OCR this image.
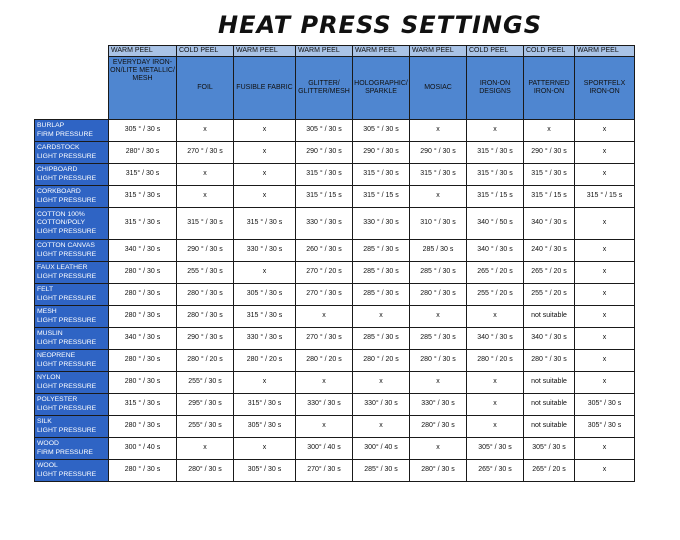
HEAT PRESS SETTINGS
	WARM PEEL	COLD PEEL	WARM PEEL	WARM PEEL	WARM PEEL	WARM PEEL	COLD PEEL	COLD PEEL	WARM PEEL
	EVERYDAY IRON-ON/LITE METALLIC/ MESH	FOIL	FUSIBLE FABRIC	GLITTER/ GLITTER/MESH	HOLOGRAPHIC/ SPARKLE	MOSIAC	IRON-ON DESIGNS	PATTERNED IRON-ON	SPORTFELX IRON-ON

BURLAP
FIRM PRESSURE	305 ° / 30 s	x	x	305 ° / 30 s	305 ° / 30 s	x	x	x	x

CARDSTOCK
LIGHT PRESSURE	280° / 30 s	270 ° / 30 s	x	290 ° / 30 s	290 ° / 30 s	290 ° / 30 s	315 ° / 30 s	290 ° / 30 s	x

CHIPBOARD
LIGHT PRESSURE	315° / 30 s	x	x	315 ° / 30 s	315 ° / 30 s	315 ° / 30 s	315 ° / 30 s	315 ° / 30 s	x

CORKBOARD
LIGHT PRESSURE	315 ° / 30 s	x	x	315 ° / 15 s	315 ° / 15 s	x	315 ° / 15 s	315 ° / 15 s	315 ° / 15 s

COTTON 100% COTTON/POLY
LIGHT PRESSURE	315 ° / 30 s	315 ° / 30 s	315 ° / 30 s	330 ° / 30 s	330 ° / 30 s	310 ° / 30 s	340 ° / 50 s	340 ° / 30 s	x

COTTON CANVAS
LIGHT PRESSURE	340 ° / 30 s	290 ° / 30 s	330 ° / 30 s	260 ° / 30 s	285 ° / 30 s	285 / 30 s	340 ° / 30 s	240 ° / 30 s	x

FAUX LEATHER
LIGHT PRESSURE	280 ° / 30 s	255 ° / 30 s	x	270 ° / 20 s	285 ° / 30 s	285 ° / 30 s	265 ° / 20 s	265 ° / 20 s	x

FELT
LIGHT PRESSURE	280 ° / 30 s	280 ° / 30 s	305 ° / 30 s	270 ° / 30 s	285 ° / 30 s	280 ° / 30 s	255 ° / 20 s	255 ° / 20 s	x

MESH
LIGHT PRESSURE	280 ° / 30 s	280 ° / 30 s	315 ° / 30 s	x	x	x	x	not suitable	x

MUSLIN
LIGHT PRESSURE	340 ° / 30 s	290 ° / 30 s	330 ° / 30 s	270 ° / 30 s	285 ° / 30 s	285 ° / 30 s	340 ° / 30 s	340 ° / 30 s	x

NEOPRENE
LIGHT PRESSURE	280 ° / 30 s	280 ° / 20 s	280 ° / 20 s	280 ° / 20 s	280 ° / 20 s	280 ° / 30 s	280 ° / 20 s	280 ° / 30 s	x

NYLON
LIGHT PRESSURE	280 ° / 30 s	255° / 30 s	x	x	x	x	x	not suitable	x

POLYESTER
LIGHT PRESSURE	315 ° / 30 s	295° / 30 s	315° / 30 s	330° / 30 s	330° / 30 s	330° / 30 s	x	not suitable	305° / 30 s

SILK
LIGHT PRESSURE	280 ° / 30 s	255° / 30 s	305° / 30 s	x	x	280° / 30 s	x	not suitable	305° / 30 s

WOOD
FIRM PRESSURE	300 ° / 40 s	x	x	300° / 40 s	300° / 40 s	x	305° / 30 s	305° / 30 s	x

WOOL
LIGHT PRESSURE	280 ° / 30 s	280° / 30 s	305° / 30 s	270° / 30 s	285° / 30 s	280° / 30 s	265° / 30 s	265° / 20 s	x
